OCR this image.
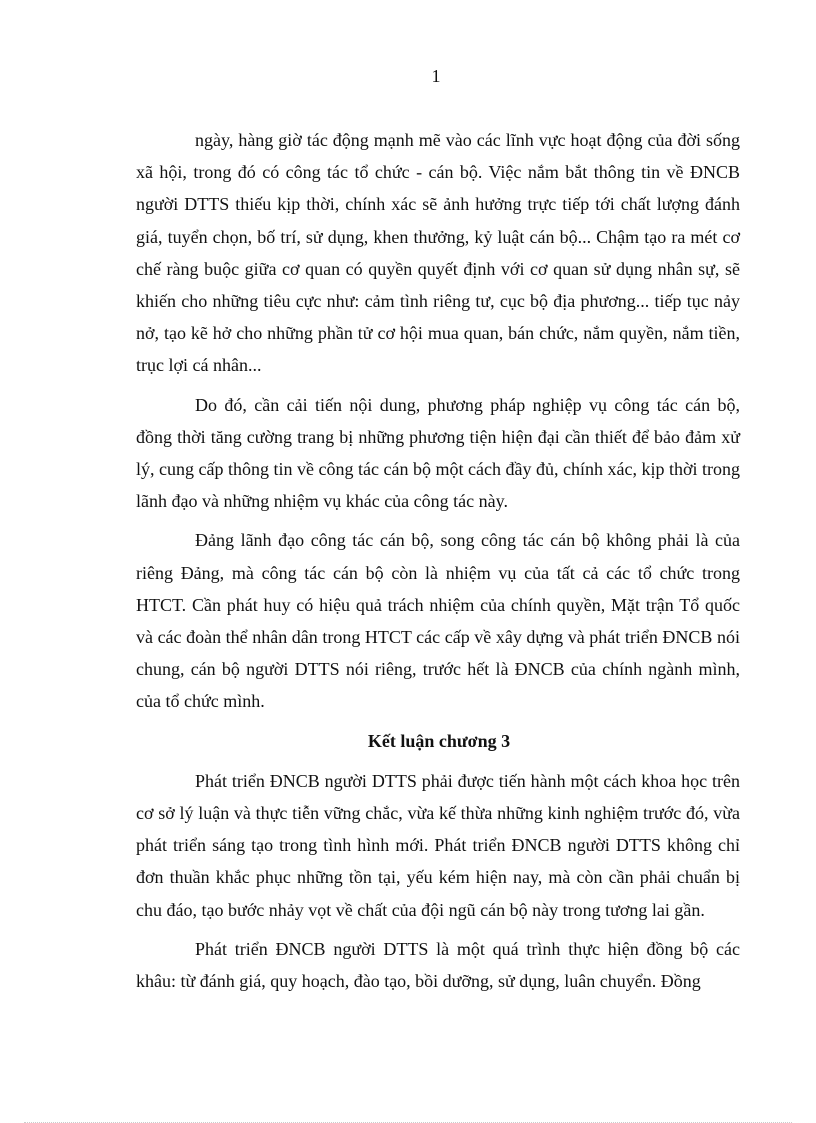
1

ngày, hàng giờ tác động mạnh mẽ vào các lĩnh vực hoạt động của đời sống xã hội, trong đó có công tác tổ chức - cán bộ. Việc nắm bắt thông tin về ĐNCB người DTTS thiếu kịp thời, chính xác sẽ ảnh hưởng trực tiếp tới chất lượng đánh giá, tuyển chọn, bố trí, sử dụng, khen thưởng, kỷ luật cán bộ... Chậm tạo ra mét cơ chế ràng buộc giữa cơ quan có quyền quyết định với cơ quan sử dụng nhân sự, sẽ khiến cho những tiêu cực như: cảm tình riêng tư, cục bộ địa phương... tiếp tục nảy nở, tạo kẽ hở cho những phần tử cơ hội mua quan, bán chức, nắm quyền, nắm tiền, trục lợi cá nhân...

Do đó, cần cải tiến nội dung, phương pháp nghiệp vụ công tác cán bộ, đồng thời tăng cường trang bị những phương tiện hiện đại cần thiết để bảo đảm xử lý, cung cấp thông tin về công tác cán bộ một cách đầy đủ, chính xác, kịp thời trong lãnh đạo và những nhiệm vụ khác của công tác này.

Đảng lãnh đạo công tác cán bộ, song công tác cán bộ không phải là của riêng Đảng, mà công tác cán bộ còn là nhiệm vụ của tất cả các tổ chức trong HTCT. Cần phát huy có hiệu quả trách nhiệm của chính quyền, Mặt trận Tổ quốc và các đoàn thể nhân dân trong HTCT các cấp về xây dựng và phát triển ĐNCB nói chung, cán bộ người DTTS nói riêng, trước hết là ĐNCB của chính ngành mình, của tổ chức mình.

Kết luận chương 3

Phát triển ĐNCB người DTTS phải được tiến hành một cách khoa học trên cơ sở lý luận và thực tiễn vững chắc, vừa kế thừa những kinh nghiệm trước đó, vừa phát triển sáng tạo trong tình hình mới. Phát triển ĐNCB người DTTS không chỉ đơn thuần khắc phục những tồn tại, yếu kém hiện nay, mà còn cần phải chuẩn bị chu đáo, tạo bước nhảy vọt về chất của đội ngũ cán bộ này trong tương lai gần.

Phát triển ĐNCB người DTTS là một quá trình thực hiện đồng bộ các khâu: từ đánh giá, quy hoạch, đào tạo, bồi dưỡng, sử dụng, luân chuyển. Đồng
